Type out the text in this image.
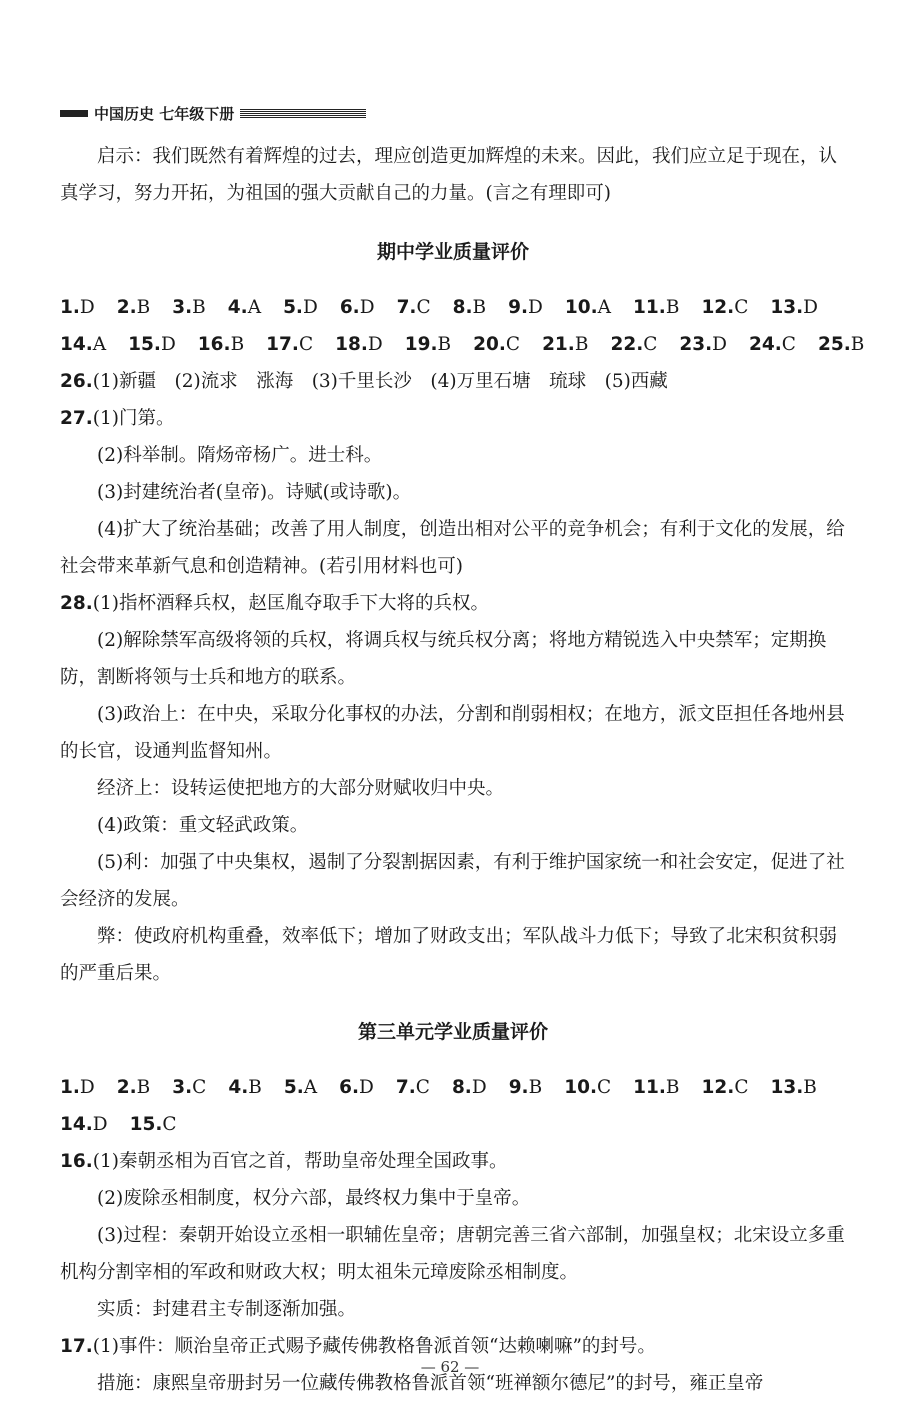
中国历史 七年级下册

启示：我们既然有着辉煌的过去，理应创造更加辉煌的未来。因此，我们应立足于现在，认真学习，努力开拓，为祖国的强大贡献自己的力量。(言之有理即可)

期中学业质量评价
1.D 2.B 3.B 4.A 5.D 6.D 7.C 8.B 9.D 10.A 11.B 12.C 13.D
14.A 15.D 16.B 17.C 18.D 19.B 20.C 21.B 22.C 23.D 24.C 25.B

26.(1)新疆　(2)流求　涨海　(3)千里长沙　(4)万里石塘　琉球　(5)西藏

27.(1)门第。

(2)科举制。隋炀帝杨广。进士科。

(3)封建统治者(皇帝)。诗赋(或诗歌)。

(4)扩大了统治基础；改善了用人制度，创造出相对公平的竞争机会；有利于文化的发展，给社会带来革新气息和创造精神。(若引用材料也可)

28.(1)指杯酒释兵权，赵匡胤夺取手下大将的兵权。

(2)解除禁军高级将领的兵权，将调兵权与统兵权分离；将地方精锐选入中央禁军；定期换防，割断将领与士兵和地方的联系。

(3)政治上：在中央，采取分化事权的办法，分割和削弱相权；在地方，派文臣担任各地州县的长官，设通判监督知州。

经济上：设转运使把地方的大部分财赋收归中央。

(4)政策：重文轻武政策。

(5)利：加强了中央集权，遏制了分裂割据因素，有利于维护国家统一和社会安定，促进了社会经济的发展。

弊：使政府机构重叠，效率低下；增加了财政支出；军队战斗力低下；导致了北宋积贫积弱的严重后果。

第三单元学业质量评价
1.D 2.B 3.C 4.B 5.A 6.D 7.C 8.D 9.B 10.C 11.B 12.C 13.B
14.D 15.C

16.(1)秦朝丞相为百官之首，帮助皇帝处理全国政事。

(2)废除丞相制度，权分六部，最终权力集中于皇帝。

(3)过程：秦朝开始设立丞相一职辅佐皇帝；唐朝完善三省六部制，加强皇权；北宋设立多重机构分割宰相的军政和财政大权；明太祖朱元璋废除丞相制度。

实质：封建君主专制逐渐加强。

17.(1)事件：顺治皇帝正式赐予藏传佛教格鲁派首领“达赖喇嘛”的封号。

措施：康熙皇帝册封另一位藏传佛教格鲁派首领“班禅额尔德尼”的封号，雍正皇帝

— 62 —
